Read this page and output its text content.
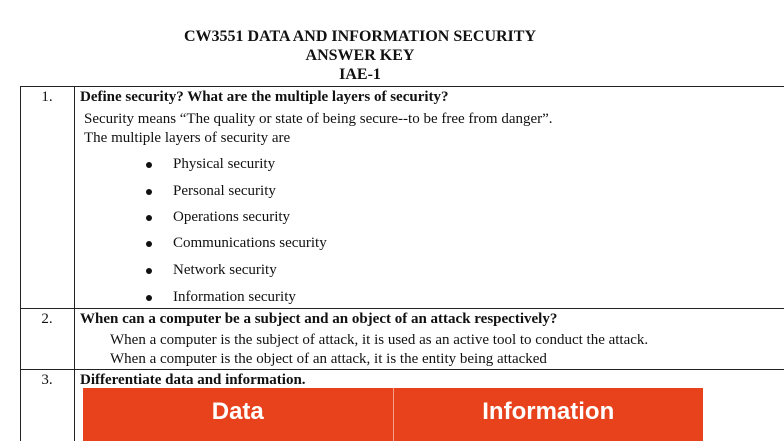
CW3551 DATA AND INFORMATION SECURITY
ANSWER KEY
IAE-1
1.	Define security? What are the multiple layers of security?
Security means “The quality or state of being secure--to be free from danger”.
The multiple layers of security are
Physical security
Personal security
Operations security
Communications security
Network security
Information security
2.	When can a computer be a subject and an object of an attack respectively?
When a computer is the subject of attack, it is used as an active tool to conduct the attack.
When a computer is the object of an attack, it is the entity being attacked
3.	Differentiate data and information.
Data	Information
